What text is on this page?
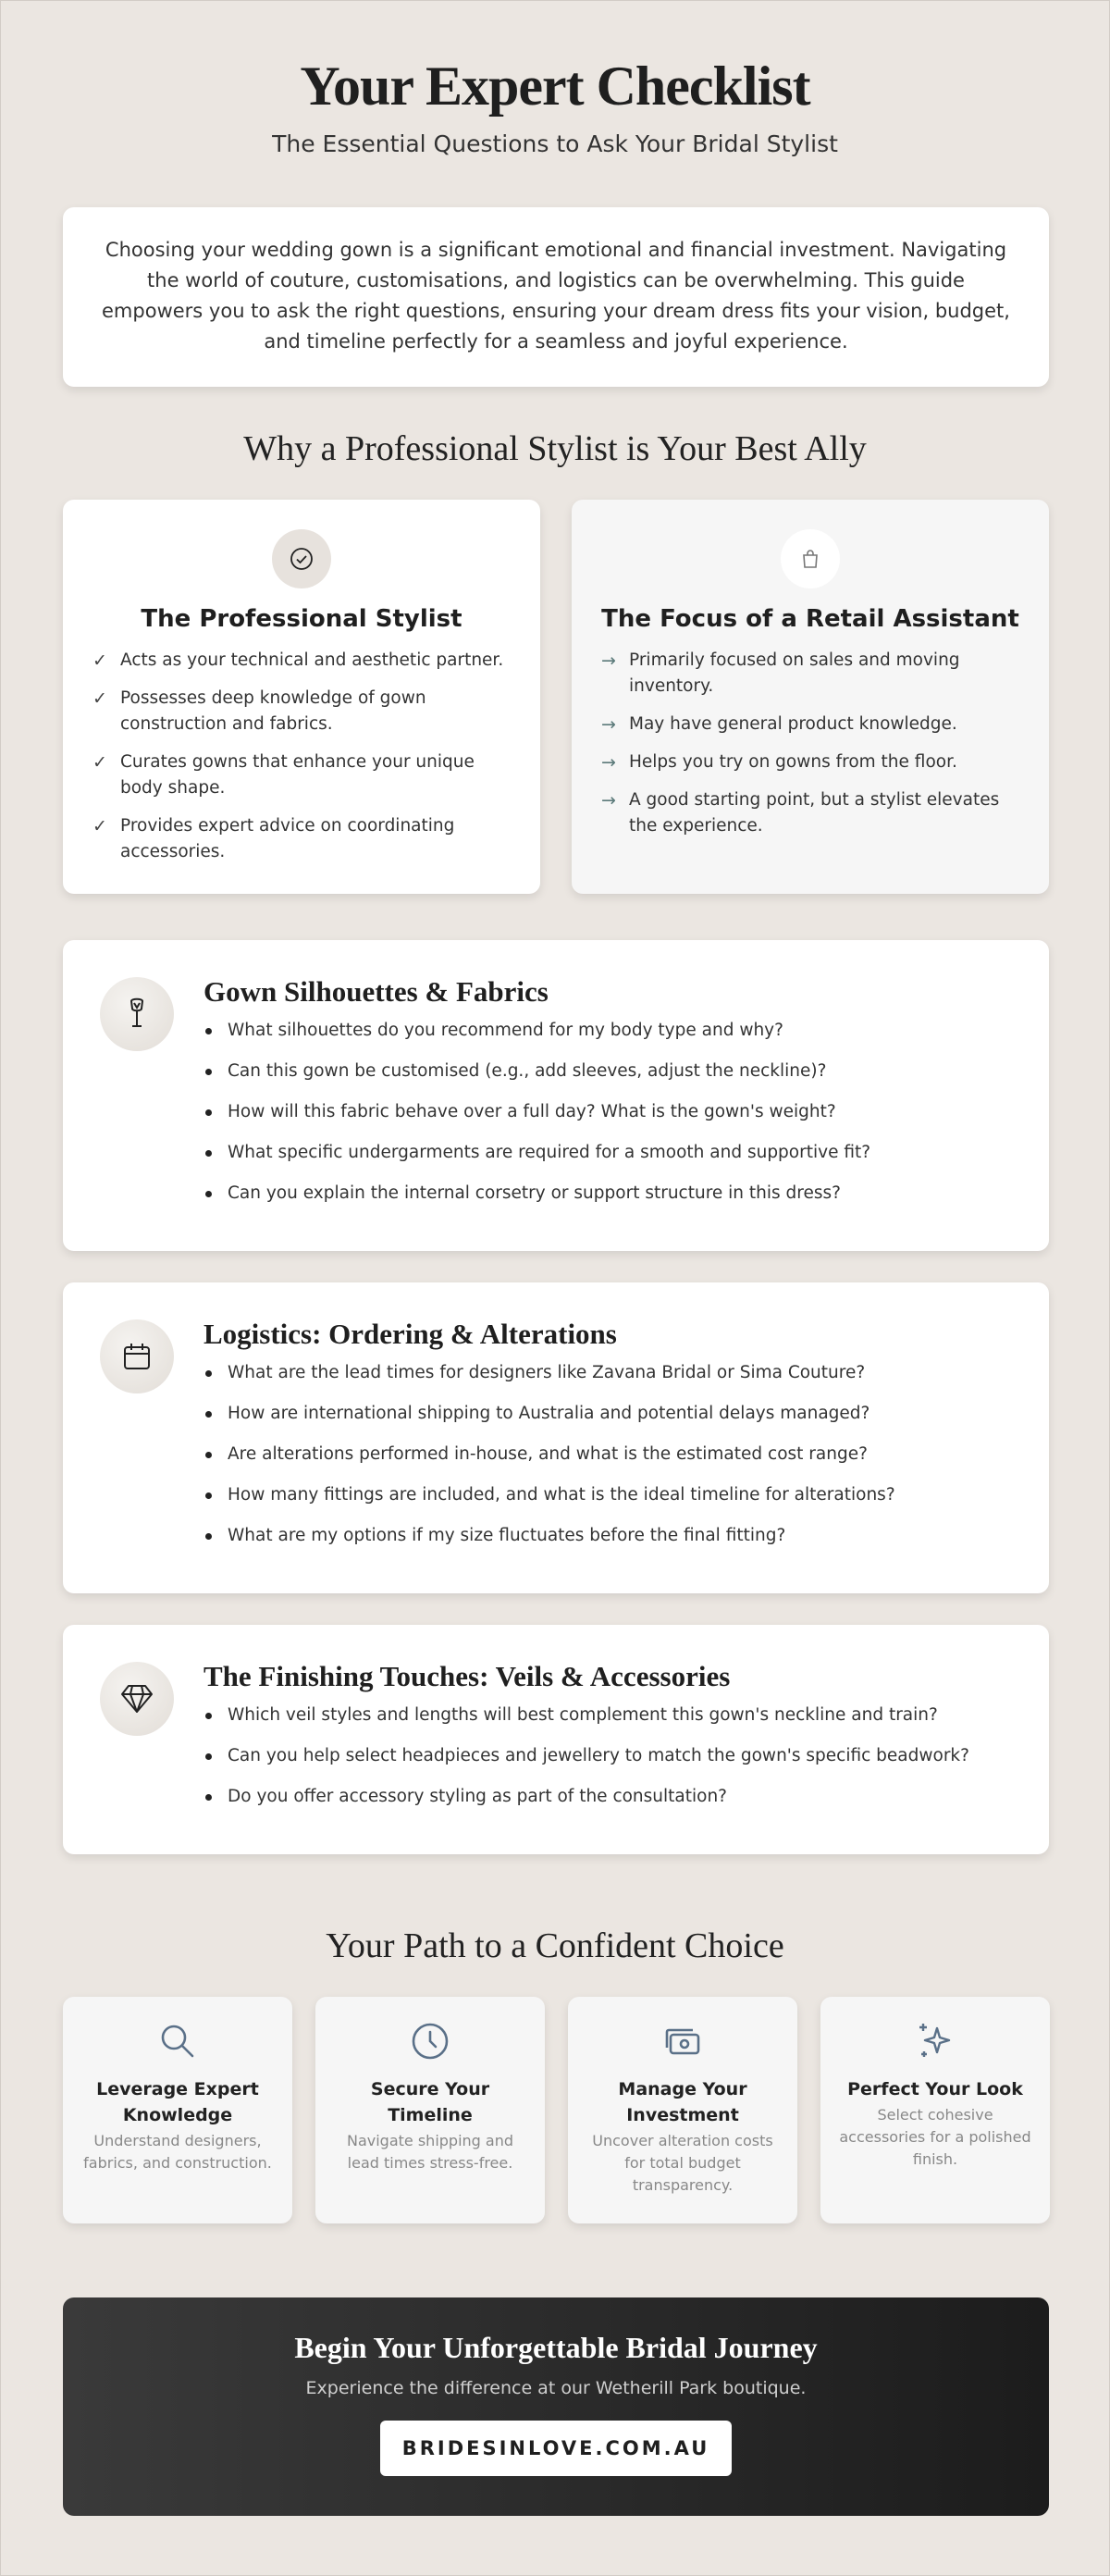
Your Expert Checklist
The Essential Questions to Ask Your Bridal Stylist

Choosing your wedding gown is a significant emotional and financial investment. Navigating the world of couture, customisations, and logistics can be overwhelming. This guide empowers you to ask the right questions, ensuring your dream dress fits your vision, budget, and timeline perfectly for a seamless and joyful experience.

Why a Professional Stylist is Your Best Ally
The Professional Stylist
✓ Acts as your technical and aesthetic partner.
✓ Possesses deep knowledge of gown construction and fabrics.
✓ Curates gowns that enhance your unique body shape.
✓ Provides expert advice on coordinating accessories.
The Focus of a Retail Assistant
→ Primarily focused on sales and moving inventory.
→ May have general product knowledge.
→ Helps you try on gowns from the floor.
→ A good starting point, but a stylist elevates the experience.
Gown Silhouettes & Fabrics
What silhouettes do you recommend for my body type and why?
Can this gown be customised (e.g., add sleeves, adjust the neckline)?
How will this fabric behave over a full day? What is the gown's weight?
What specific undergarments are required for a smooth and supportive fit?
Can you explain the internal corsetry or support structure in this dress?
Logistics: Ordering & Alterations
What are the lead times for designers like Zavana Bridal or Sima Couture?
How are international shipping to Australia and potential delays managed?
Are alterations performed in-house, and what is the estimated cost range?
How many fittings are included, and what is the ideal timeline for alterations?
What are my options if my size fluctuates before the final fitting?
The Finishing Touches: Veils & Accessories
Which veil styles and lengths will best complement this gown's neckline and train?
Can you help select headpieces and jewellery to match the gown's specific beadwork?
Do you offer accessory styling as part of the consultation?
Your Path to a Confident Choice
Leverage Expert Knowledge

Understand designers, fabrics, and construction.

Secure Your Timeline

Navigate shipping and lead times stress-free.

Manage Your Investment

Uncover alteration costs for total budget transparency.

Perfect Your Look

Select cohesive accessories for a polished finish.

Begin Your Unforgettable Bridal Journey

Experience the difference at our Wetherill Park boutique.

BRIDESINLOVE.COM.AU
